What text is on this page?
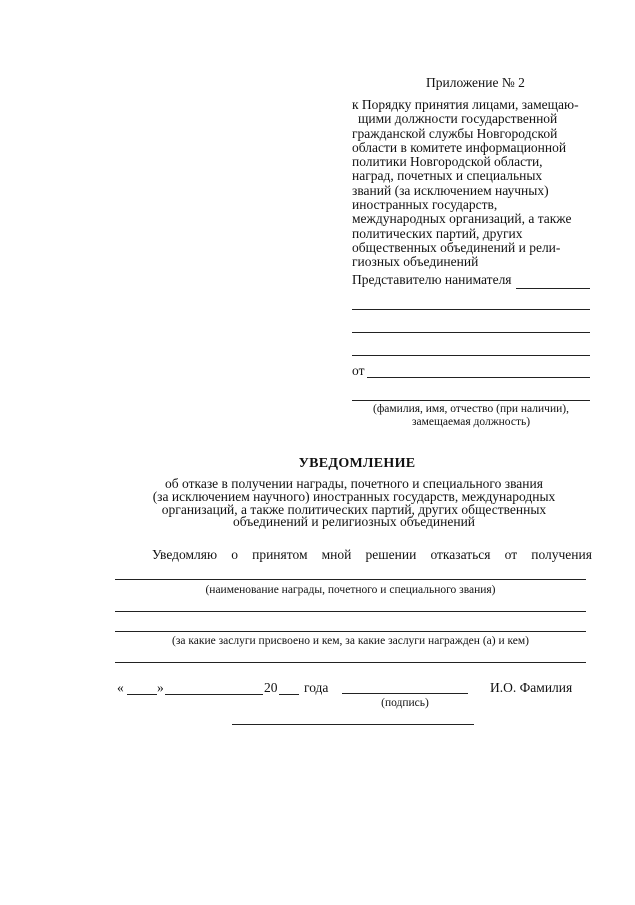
Приложение № 2
к Порядку принятия лицами, замещаю-
щими должности государственной
гражданской службы Новгородской
области в комитете информационной
политики Новгородской области,
наград, почетных и специальных
званий (за исключением научных)
иностранных государств,
международных организаций, а также
политических партий, других
общественных объединений и рели-
гиозных объединений
Представителю нанимателя
от
(фамилия, имя, отчество (при наличии),
замещаемая должность)
УВЕДОМЛЕНИЕ
об отказе в получении награды, почетного и специального звания
(за исключением научного) иностранных государств, международных
организаций, а также политических партий, других общественных
объединений и религиозных объединений
Уведомляю о принятом мной решении отказаться от получения
(наименование награды, почетного и специального звания)
(за какие заслуги присвоено и кем, за какие заслуги награжден (а) и кем)
« »	20 года
(подпись)
И.О. Фамилия
